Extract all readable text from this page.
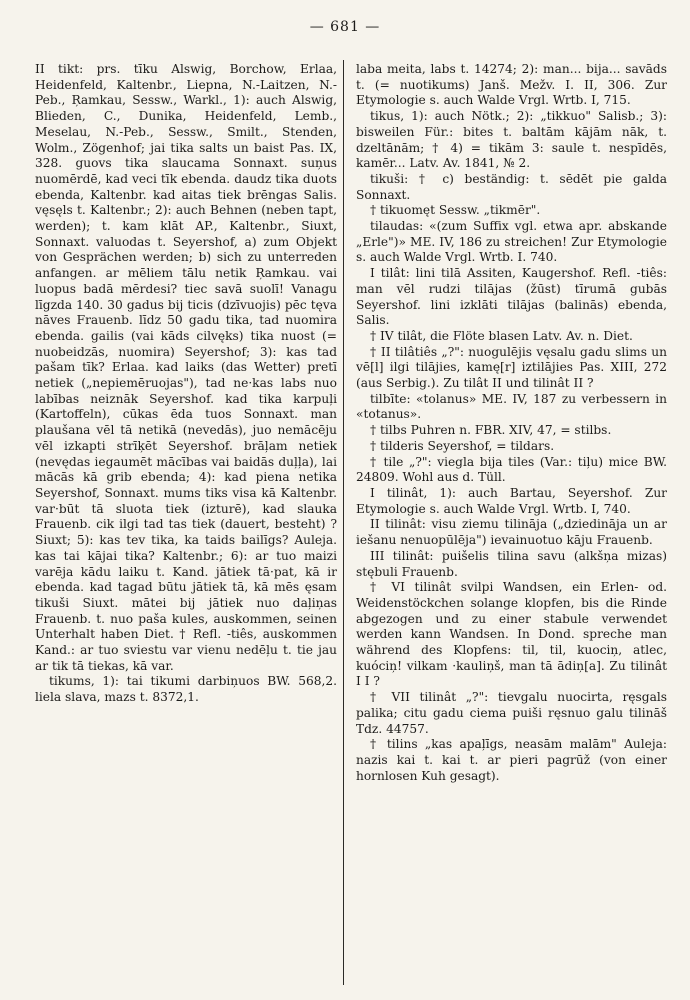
— 681 —

II tikt: prs. tīku Alswig, Borchow, Erlaa, Heidenfeld, Kaltenbr., Liepna, N.-Laitzen, N.-Peb., Ŗamkau, Sessw., Warkl., 1): auch Alswig, Blieden, C., Dunika, Heidenfeld, Lemb., Meselau, N.-Peb., Sessw., Smilt., Stenden, Wolm., Zögenhof; jai tika salts un baist Pas. IX, 328. guovs tika slaucama Sonnaxt. suņus nuomērdē, kad veci tīk ebenda. daudz tika duots ebenda, Kaltenbr. kad aitas tiek brēngas Salis. vęsęls t. Kaltenbr.; 2): auch Behnen (neben tapt, werden); t. kam klāt AP., Kaltenbr., Siuxt, Sonnaxt. valuodas t. Seyershof, a) zum Objekt von Gesprächen werden; b) sich zu unterreden anfangen. ar mēliem tālu netik Ŗamkau. vai luopus badā mērdesi? tiec savā suolī! Vanagu līgzda 140. 30 gadus bij ticis (dzīvuojis) pēc tęva nāves Frauenb. līdz 50 gadu tika, tad nuomira ebenda. gailis (vai kāds cilvęks) tika nuost (= nuobeidzās, nuomira) Seyershof; 3): kas tad pašam tīk? Erlaa. kad laiks (das Wetter) pretī netiek („nepiemēruojas"), tad ne·kas labs nuo labības neiznāk Seyershof. kad tika karpuļi (Kartoffeln), cūkas ēda tuos Sonnaxt. man plaušana vēl tā netikā (nevedās), juo nemācēju vēl izkapti strīķēt Seyershof. brāļam netiek (nevędas iegaumēt mācības vai baidās duļļa), lai mācās kā grib ebenda; 4): kad piena netika Seyershof, Sonnaxt. mums tiks visa kā Kaltenbr. var·būt tā sluota tiek (izturē), kad slauka Frauenb. cik ilgi tad tas tiek (dauert, besteht) ? Siuxt; 5): kas tev tika, ka taids bailīgs? Auleja. kas tai kājai tika? Kaltenbr.; 6): ar tuo maizi varēja kādu laiku t. Kand. jātiek tā·pat, kā ir ebenda. kad tagad būtu jātiek tā, kā mēs ęsam tikuši Siuxt. mātei bij jātiek nuo daļiņas Frauenb. t. nuo paša kules, auskommen, seinen Unterhalt haben Diet. † Refl. -tiês, auskommen Kand.: ar tuo sviestu var vienu nedēļu t. tie jau ar tik tā tiekas, kā var.

tikums, 1): tai tikumi darbiņuos BW. 568,2. liela slava, mazs t. 8372,1.

laba meita, labs t. 14274; 2): man... bija... savāds t. (= nuotikums) Janš. Mežv. I. II, 306. Zur Etymologie s. auch Walde Vrgl. Wrtb. I, 715.

tikus, 1): auch Nötk.; 2): „tikkuo" Salisb.; 3): bisweilen Für.: bites t. baltām kājām nāk, t. dzeltānām; † 4) = tikām 3: saule t. nespīdēs, kamēr... Latv. Av. 1841, № 2.

tikuši: † c) beständig: t. sēdēt pie galda Sonnaxt.

† tikuomęt Sessw. „tikmēr".

tilaudas: «(zum Suffix vgl. etwa apr. abskande „Erle")» ME. IV, 186 zu streichen! Zur Etymologie s. auch Walde Vrgl. Wrtb. I. 740.

I tilât: lini tilā Assiten, Kaugershof. Refl. -tiês: man vēl rudzi tilājas (žūst) tīrumā gubās Seyershof. lini izklāti tilājas (balinās) ebenda, Salis.

† IV tilât, die Flöte blasen Latv. Av. n. Diet.

† II tilâtiês „?": nuogulējis vęsalu gadu slims un vē[l] ilgi tilājies, kamę[r] iztilājies Pas. XIII, 272 (aus Serbig.). Zu tilât II und tilinât II ?

tilbīte: «tolanus» ME. IV, 187 zu verbessern in «totanus».

† tilbs Puhren n. FBR. XIV, 47, = stilbs.

† tilderis Seyershof, = tildars.

† tile „?": viegla bija tiles (Var.: tiļu) mice BW. 24809. Wohl aus d. Tüll.

I tilinât, 1): auch Bartau, Seyershof. Zur Etymologie s. auch Walde Vrgl. Wrtb. I, 740.

II tilinât: visu ziemu tilināja („dziedināja un ar iešanu nenuopūlēja") ievainuotuo kāju Frauenb.

III tilinât: puišelis tilina savu (alkšņa mizas) stębuli Frauenb.

† VI tilinât svilpi Wandsen, ein Erlen- od. Weidenstöckchen solange klopfen, bis die Rinde abgezogen und zu einer stabule verwendet werden kann Wandsen. In Dond. spreche man während des Klopfens: til, til, kuociņ, atlec, kuóciņ! vilkam ·kauliņš, man tā ādiņ[a]. Zu tilinât I I ?

† VII tilinât „?": tievgalu nuocirta, ręsgals palika; citu gadu ciema puiši ręsnuo galu tilināš Tdz. 44757.

† tilins „kas apaļīgs, neasām malām" Auleja: nazis kai t. kai t. ar pieri pagrūž (von einer hornlosen Kuh gesagt).
